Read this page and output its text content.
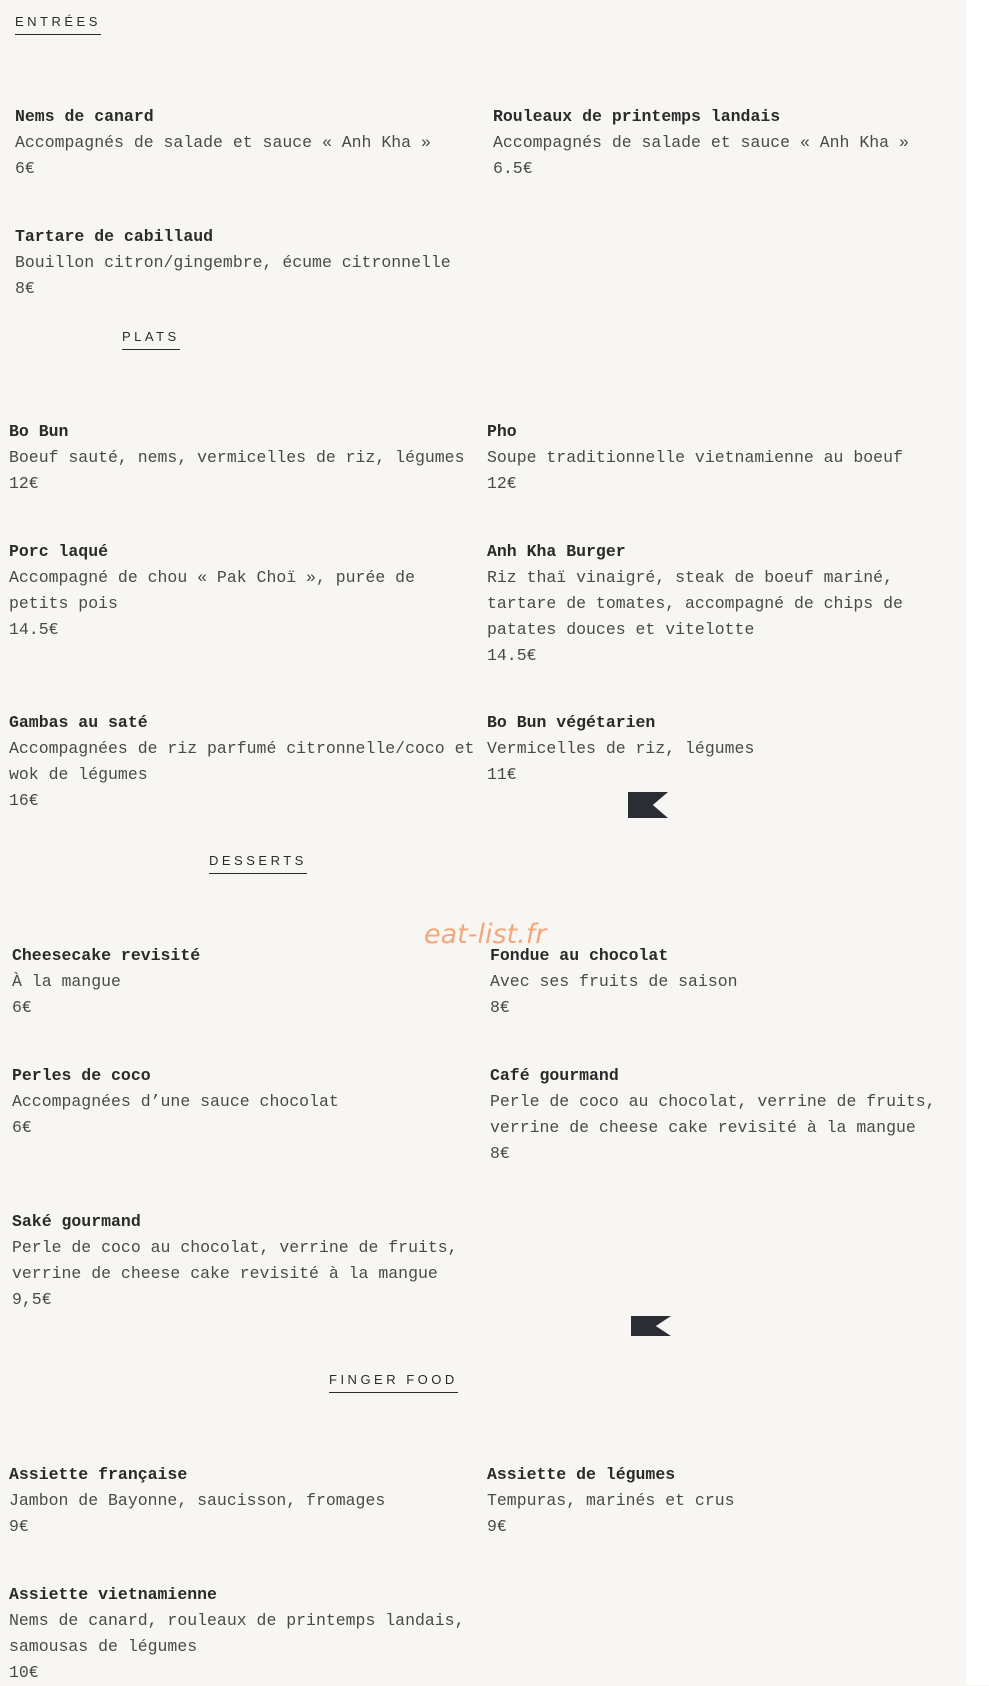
ENTRÉES
Nems de canard
Accompagnés de salade et sauce « Anh Kha »
6€
Rouleaux de printemps landais
Accompagnés de salade et sauce « Anh Kha »
6.5€
Tartare de cabillaud
Bouillon citron/gingembre, écume citronnelle
8€
PLATS
Bo Bun
Boeuf sauté, nems, vermicelles de riz, légumes
12€
Pho
Soupe traditionnelle vietnamienne au boeuf
12€
Porc laqué
Accompagné de chou « Pak Choï », purée de petits pois
14.5€
Anh Kha Burger
Riz thaï vinaigré, steak de boeuf mariné, tartare de tomates, accompagné de chips de patates douces et vitelotte
14.5€
Gambas au saté
Accompagnées de riz parfumé citronnelle/coco et wok de légumes
16€
Bo Bun végétarien
Vermicelles de riz, légumes
11€
DESSERTS
eat-list.fr
Cheesecake revisité
À la mangue
6€
Fondue au chocolat
Avec ses fruits de saison
8€
Perles de coco
Accompagnées d’une sauce chocolat
6€
Café gourmand
Perle de coco au chocolat, verrine de fruits, verrine de cheese cake revisité à la mangue
8€
Saké gourmand
Perle de coco au chocolat, verrine de fruits, verrine de cheese cake revisité à la mangue
9,5€
FINGER FOOD
Assiette française
Jambon de Bayonne, saucisson, fromages
9€
Assiette de légumes
Tempuras, marinés et crus
9€
Assiette vietnamienne
Nems de canard, rouleaux de printemps landais, samousas de légumes
10€
